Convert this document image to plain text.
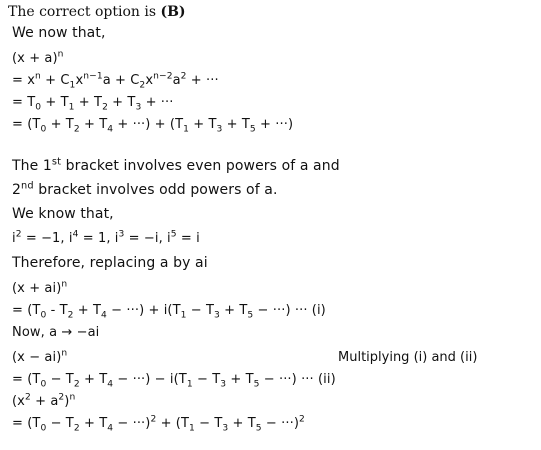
The correct option is (B)
We now that,
$(x + a)^n$
= $x^n + C_1x^{n-1}a + C_2x^{n-2}a^2$ + ···
= $T_0 + T_1 + T_2 + T_3$ + ···
= ($T_0 + T_2 + T_4$ + ···) + ($T_1 + T_3 + T_5$ + ···)
The 1st bracket involves even powers of a and
2nd bracket involves odd powers of a.
We know that,
$i^2 = -1$, $i^4 = 1$, $i^3 = -i$, $i^5 = i$
Therefore, replacing a by ai
(x + ai)$^n$
= ($T_0 - T_2 + T_4$ − ···) + $i(T_1 - T_3 + T_5$ − ···) ··· (i)
Now, a → −ai
(x − ai)$^n$	Multiplying (i) and (ii)
= ($T_0 - T_2 + T_4$ − ···) − $i(T_1 - T_3 + T_5$ − ···) ··· (ii)
$(x^2 + a^2)^n$
= $(T_0 - T_2 + T_4 - \cdot\cdot\cdot)^2 + (T_1 - T_3 + T_5 - \cdot\cdot\cdot)^2$
